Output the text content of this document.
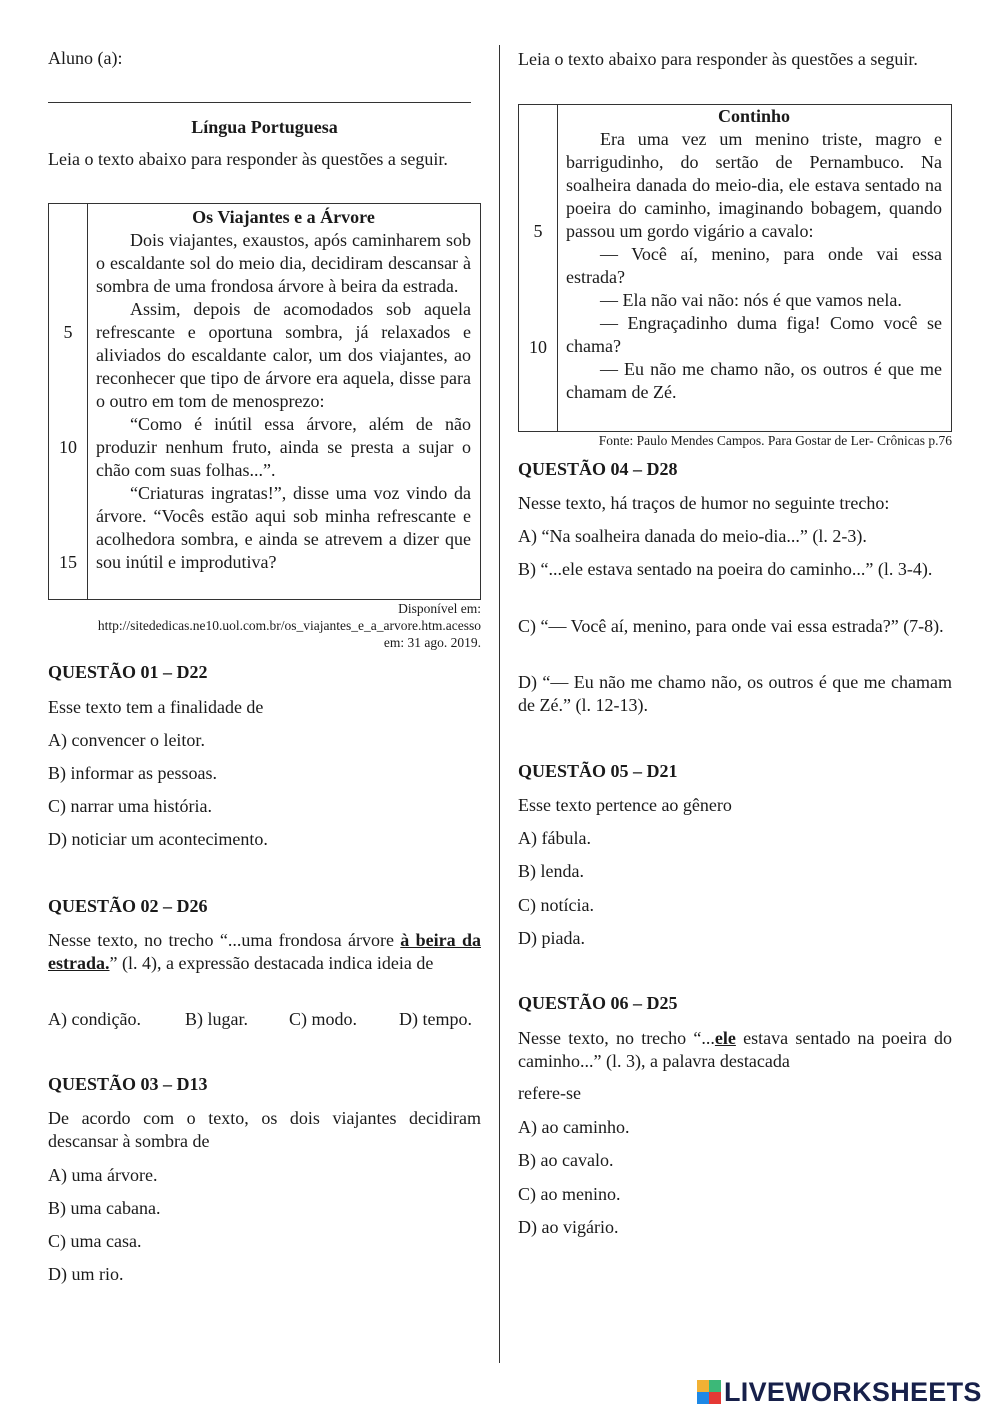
Aluno (a):

Língua Portuguesa

Leia o texto abaixo para responder às questões a seguir.

5
10
15

Os Viajantes e a Árvore

Dois viajantes, exaustos, após caminharem sob o escaldante sol do meio dia, decidiram descansar à sombra de uma frondosa árvore à beira da estrada.

Assim, depois de acomodados sob aquela refrescante e oportuna sombra, já relaxados e aliviados do escaldante calor, um dos viajantes, ao reconhecer que tipo de árvore era aquela, disse para o outro em tom de menosprezo:

“Como é inútil essa árvore, além de não produzir nenhum fruto, ainda se presta a sujar o chão com suas folhas...”.

“Criaturas ingratas!”, disse uma voz vindo da árvore. “Vocês estão aqui sob minha refrescante e acolhedora sombra, e ainda se atrevem a dizer que sou inútil e improdutiva?

Disponível em:

http://sitededicas.ne10.uol.com.br/os_viajantes_e_a_arvore.htm.acesso

em: 31 ago. 2019.

QUESTÃO 01 – D22

Esse texto tem a finalidade de

A) convencer o leitor.

B) informar as pessoas.

C) narrar uma história.

D) noticiar um acontecimento.

QUESTÃO 02 – D26

Nesse texto, no trecho “...uma frondosa árvore à beira da estrada.” (l. 4), a expressão destacada indica ideia de

A) condição. B) lugar. C) modo. D) tempo.

QUESTÃO 03 – D13

De acordo com o texto, os dois viajantes decidiram descansar à sombra de

A) uma árvore.

B) uma cabana.

C) uma casa.

D) um rio.

Leia o texto abaixo para responder às questões a seguir.

5
10

Continho

Era uma vez um menino triste, magro e barrigudinho, do sertão de Pernambuco. Na soalheira danada do meio-dia, ele estava sentado na poeira do caminho, imaginando bobagem, quando passou um gordo vigário a cavalo:

— Você aí, menino, para onde vai essa estrada?

— Ela não vai não: nós é que vamos nela.

— Engraçadinho duma figa! Como você se chama?

— Eu não me chamo não, os outros é que me chamam de Zé.

Fonte: Paulo Mendes Campos. Para Gostar de Ler- Crônicas p.76

QUESTÃO 04 – D28

Nesse texto, há traços de humor no seguinte trecho:

A) “Na soalheira danada do meio-dia...” (l. 2-3).

B) “...ele estava sentado na poeira do caminho...” (l. 3-4).

C) “— Você aí, menino, para onde vai essa estrada?” (7-8).

D) “— Eu não me chamo não, os outros é que me chamam de Zé.” (l. 12-13).

QUESTÃO 05 – D21

Esse texto pertence ao gênero

A) fábula.

B) lenda.

C) notícia.

D) piada.

QUESTÃO 06 – D25

Nesse texto, no trecho “...ele estava sentado na poeira do caminho...” (l. 3), a palavra destacada

refere-se

A) ao caminho.

B) ao cavalo.

C) ao menino.

D) ao vigário.

LIVEWORKSHEETS
